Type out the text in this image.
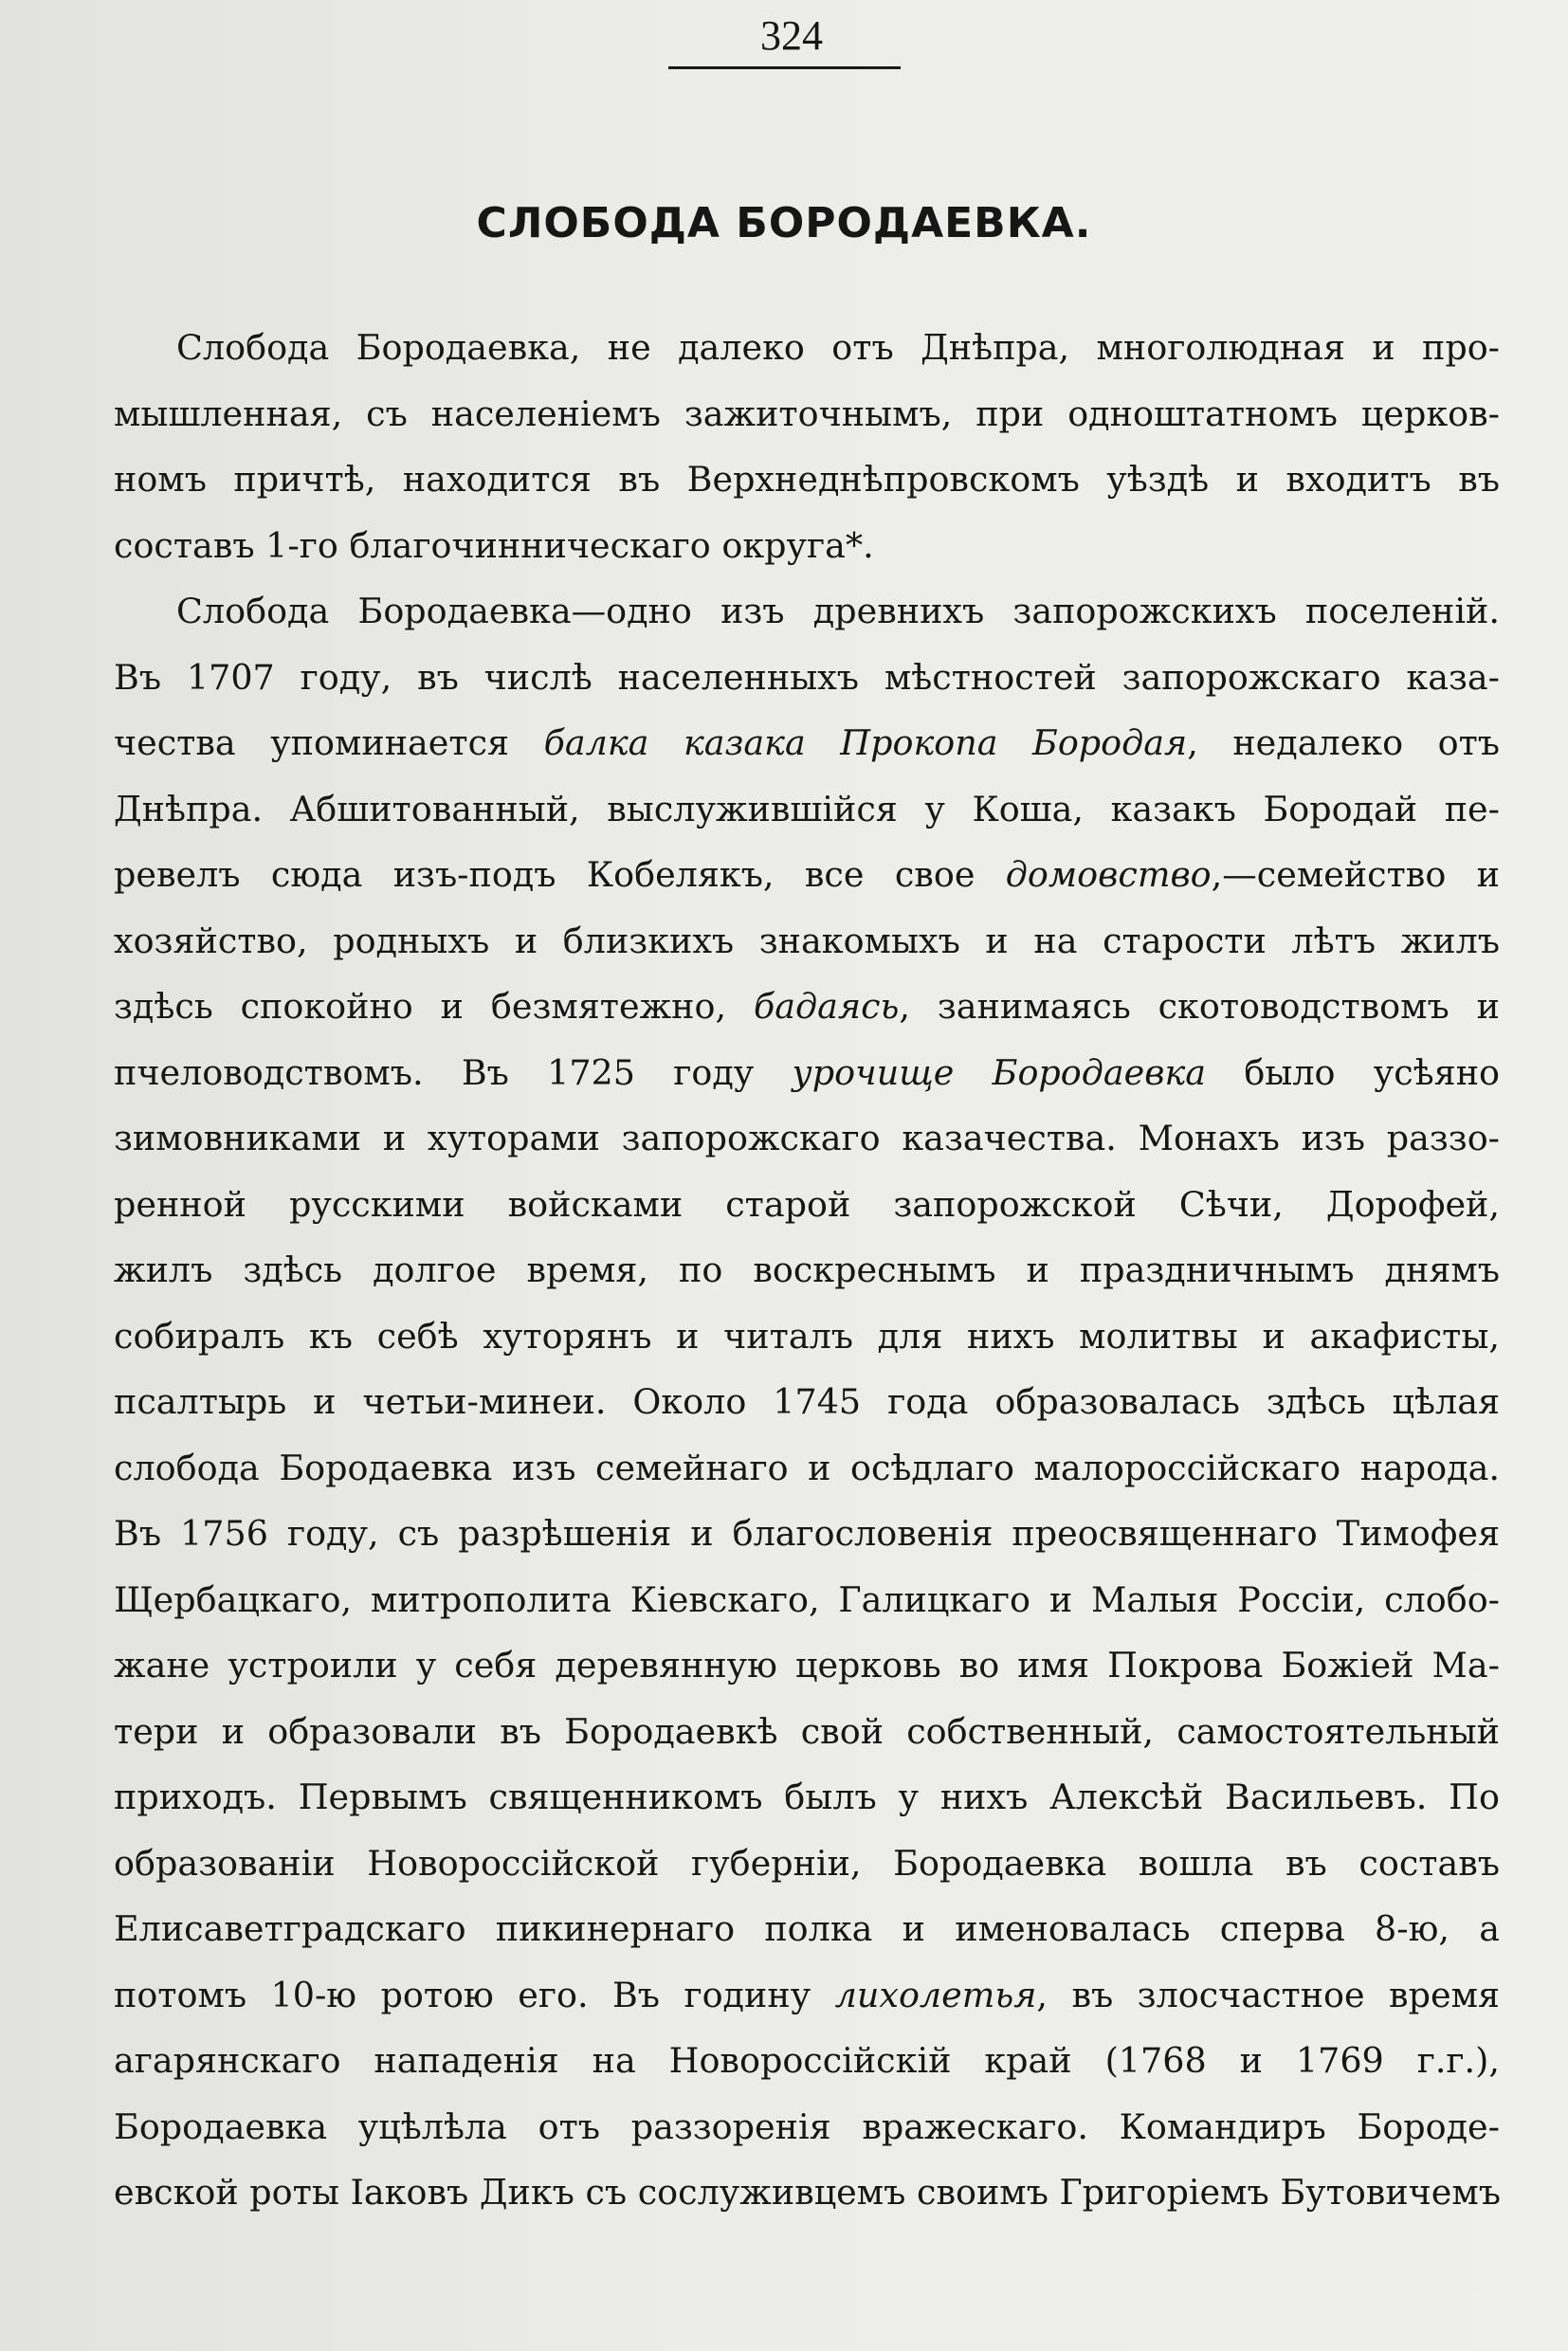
324
СЛОБОДА БОРОДАЕВКА.
Слобода Бородаевка, не далеко отъ Днѣпра, многолюдная и про-
мышленная, съ населеніемъ зажиточнымъ, при одноштатномъ церков-
номъ причтѣ, находится въ Верхнеднѣпровскомъ уѣздѣ и входитъ въ
составъ 1-го благочинническаго округа*.
Слобода Бородаевка—одно изъ древнихъ запорожскихъ поселеній.
Въ 1707 году, въ числѣ населенныхъ мѣстностей запорожскаго каза-
чества упоминается балка казака Прокопа Бородая, недалеко отъ
Днѣпра. Абшитованный, выслужившійся у Коша, казакъ Бородай пе-
ревелъ сюда изъ-подъ Кобелякъ, все свое домовство,—семейство и
хозяйство, родныхъ и близкихъ знакомыхъ и на старости лѣтъ жилъ
здѣсь спокойно и безмятежно, бадаясь, занимаясь скотоводствомъ и
пчеловодствомъ. Въ 1725 году урочище Бородаевка было усѣяно
зимовниками и хуторами запорожскаго казачества. Монахъ изъ раззо-
ренной русскими войсками старой запорожской Сѣчи, Дорофей,
жилъ здѣсь долгое время, по воскреснымъ и праздничнымъ днямъ
собиралъ къ себѣ хуторянъ и читалъ для нихъ молитвы и акафисты,
псалтырь и четьи-минеи. Около 1745 года образовалась здѣсь цѣлая
слобода Бородаевка изъ семейнаго и осѣдлаго малороссійскаго народа.
Въ 1756 году, съ разрѣшенія и благословенія преосвященнаго Тимофея
Щербацкаго, митрополита Кіевскаго, Галицкаго и Малыя Россіи, слобо-
жане устроили у себя деревянную церковь во имя Покрова Божіей Ма-
тери и образовали въ Бородаевкѣ свой собственный, самостоятельный
приходъ. Первымъ священникомъ былъ у нихъ Алексѣй Васильевъ. По
образованіи Новороссійской губерніи, Бородаевка вошла въ составъ
Елисаветградскаго пикинернаго полка и именовалась сперва 8-ю, а
потомъ 10-ю ротою его. Въ годину лихолетья, въ злосчастное время
агарянскаго нападенія на Новороссійскій край (1768 и 1769 г.г.),
Бородаевка уцѣлѣла отъ раззоренія вражескаго. Командиръ Бороде-
евской роты Іаковъ Дикъ съ сослуживцемъ своимъ Григоріемъ Бутовичемъ
